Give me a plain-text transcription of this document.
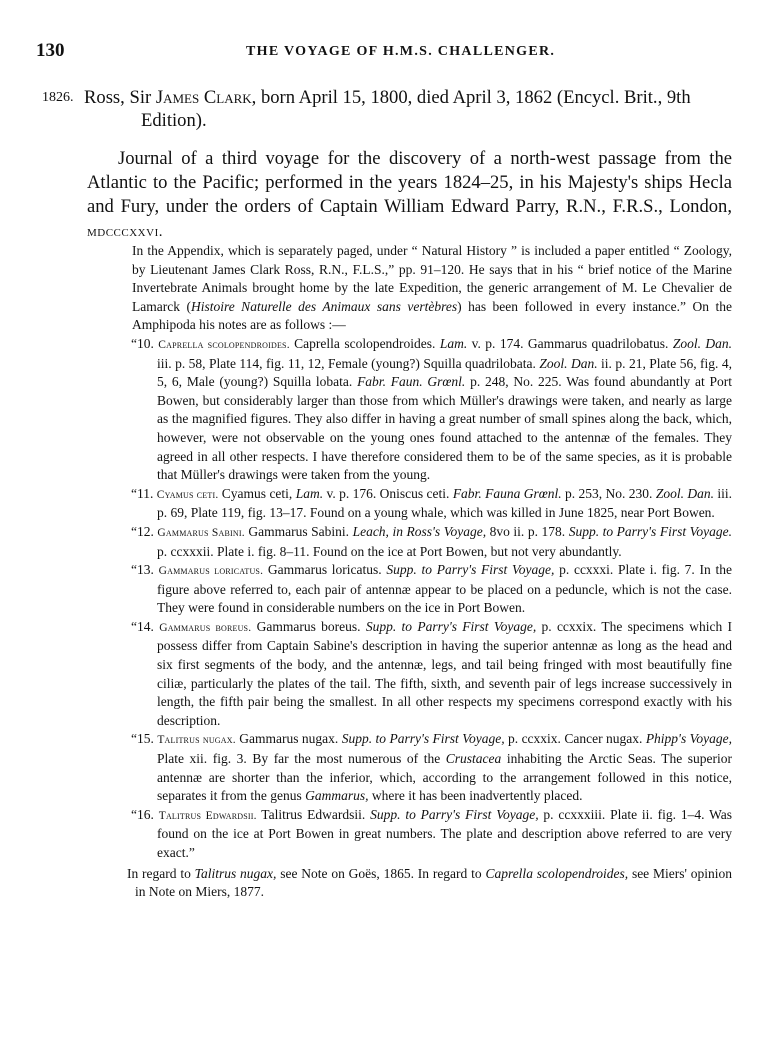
130	THE VOYAGE OF H.M.S. CHALLENGER.
1826. Ross, Sir James Clark, born April 15, 1800, died April 3, 1862 (Encycl. Brit., 9th
Edition).
Journal of a third voyage for the discovery of a north-west passage from the Atlantic to the Pacific; performed in the years 1824–25, in his Majesty's ships Hecla and Fury, under the orders of Captain William Edward Parry, R.N., F.R.S., London, mdcccxxvi.

In the Appendix, which is separately paged, under “ Natural History ” is included a paper entitled “ Zoology, by Lieutenant James Clark Ross, R.N., F.L.S.,” pp. 91–120. He says that in his “ brief notice of the Marine Invertebrate Animals brought home by the late Expedition, the generic arrangement of M. Le Chevalier de Lamarck (Histoire Naturelle des Animaux sans vertèbres) has been followed in every instance.” On the Amphipoda his notes are as follows :—

“10. Caprella scolopendroides. Caprella scolopendroides. Lam. v. p. 174. Gammarus quadrilobatus. Zool. Dan. iii. p. 58, Plate 114, fig. 11, 12, Female (young?) Squilla quadrilobata. Zool. Dan. ii. p. 21, Plate 56, fig. 4, 5, 6, Male (young?) Squilla lobata. Fabr. Faun. Grœnl. p. 248, No. 225. Was found abundantly at Port Bowen, but considerably larger than those from which Müller's drawings were taken, and nearly as large as the magnified figures. They also differ in having a great number of small spines along the back, which, however, were not observable on the young ones found attached to the antennæ of the females. They agreed in all other respects. I have therefore considered them to be of the same species, as it is probable that Müller's drawings were taken from the young.

“11. Cyamus ceti. Cyamus ceti, Lam. v. p. 176. Oniscus ceti. Fabr. Fauna Grœnl. p. 253, No. 230. Zool. Dan. iii. p. 69, Plate 119, fig. 13–17. Found on a young whale, which was killed in June 1825, near Port Bowen.

“12. Gammarus Sabini. Gammarus Sabini. Leach, in Ross's Voyage, 8vo ii. p. 178. Supp. to Parry's First Voyage. p. ccxxxii. Plate i. fig. 8–11. Found on the ice at Port Bowen, but not very abundantly.

“13. Gammarus loricatus. Gammarus loricatus. Supp. to Parry's First Voyage, p. ccxxxi. Plate i. fig. 7. In the figure above referred to, each pair of antennæ appear to be placed on a peduncle, which is not the case. They were found in considerable numbers on the ice in Port Bowen.

“14. Gammarus boreus. Gammarus boreus. Supp. to Parry's First Voyage, p. ccxxix. The specimens which I possess differ from Captain Sabine's description in having the superior antennæ as long as the head and six first segments of the body, and the antennæ, legs, and tail being fringed with most beautifully fine ciliæ, particularly the plates of the tail. The fifth, sixth, and seventh pair of legs increase successively in length, the fifth pair being the smallest. In all other respects my specimens correspond exactly with his description.

“15. Talitrus nugax. Gammarus nugax. Supp. to Parry's First Voyage, p. ccxxix. Cancer nugax. Phipp's Voyage, Plate xii. fig. 3. By far the most numerous of the Crustacea inhabiting the Arctic Seas. The superior antennæ are shorter than the inferior, which, according to the arrangement followed in this notice, separates it from the genus Gammarus, where it has been inadvertently placed.

“16. Talitrus Edwardsii. Talitrus Edwardsii. Supp. to Parry's First Voyage, p. ccxxxiii. Plate ii. fig. 1–4. Was found on the ice at Port Bowen in great numbers. The plate and description above referred to are very exact.”

In regard to Talitrus nugax, see Note on Goës, 1865. In regard to Caprella scolopendroides, see Miers' opinion in Note on Miers, 1877.
